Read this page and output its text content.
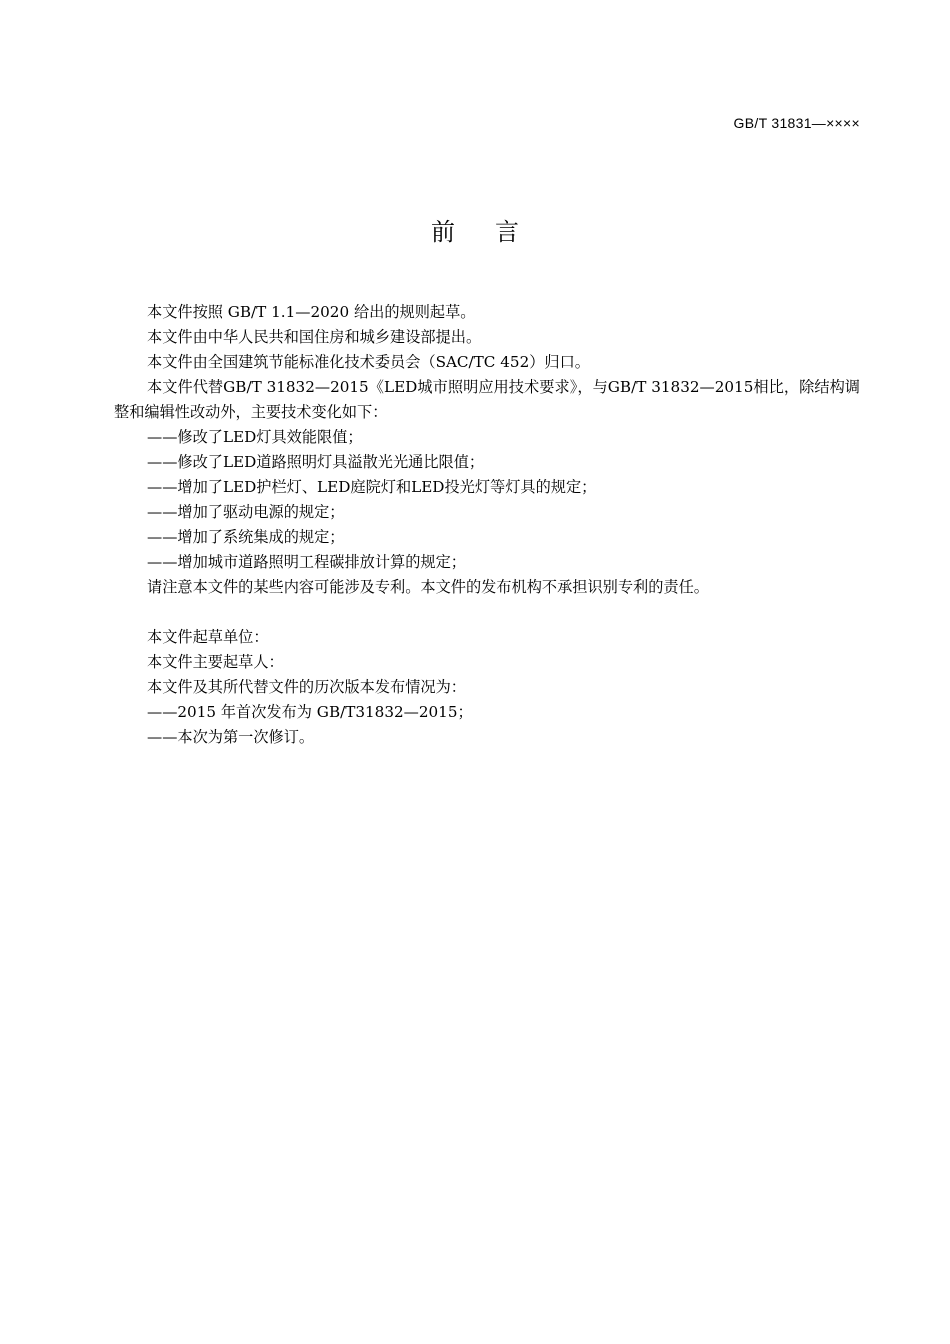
GB/T 31831—××××
前言

本文件按照 GB/T 1.1—2020 给出的规则起草。

本文件由中华人民共和国住房和城乡建设部提出。

本文件由全国建筑节能标准化技术委员会（SAC/TC 452）归口。

本文件代替GB/T 31832—2015《LED城市照明应用技术要求》，与GB/T 31832—2015相比，除结构调整和编辑性改动外，主要技术变化如下：

——修改了LED灯具效能限值；

——修改了LED道路照明灯具溢散光光通比限值；

——增加了LED护栏灯、LED庭院灯和LED投光灯等灯具的规定；

——增加了驱动电源的规定；

——增加了系统集成的规定；

——增加城市道路照明工程碳排放计算的规定；

请注意本文件的某些内容可能涉及专利。本文件的发布机构不承担识别专利的责任。

本文件起草单位：

本文件主要起草人：

本文件及其所代替文件的历次版本发布情况为：

——2015 年首次发布为 GB/T31832—2015；

——本次为第一次修订。
